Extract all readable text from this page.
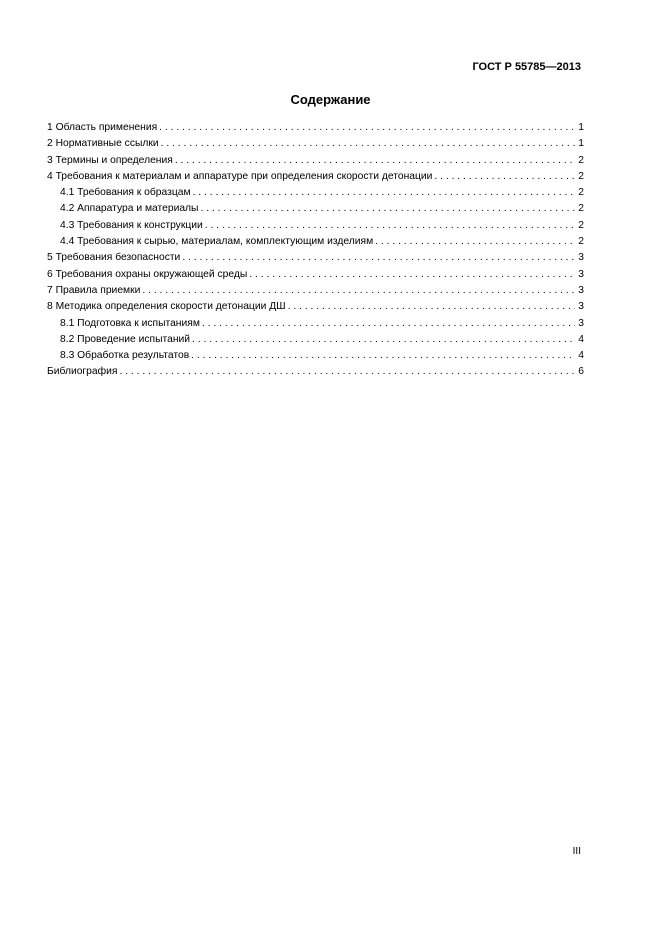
ГОСТ Р 55785—2013
Содержание
1 Область применения . . .	1
2 Нормативные ссылки . . .	1
3 Термины и определения . . .	2
4 Требования к материалам и аппаратуре при определения скорости детонации . . .	2
4.1 Требования к образцам . . .	2
4.2 Аппаратура и материалы . . .	2
4.3 Требования к конструкции . . .	2
4.4 Требования к сырью, материалам, комплектующим изделиям . . .	2
5 Требования безопасности . . .	3
6 Требования охраны окружающей среды . . .	3
7 Правила приемки . . .	3
8 Методика определения скорости детонации ДШ . . .	3
8.1 Подготовка к испытаниям . . .	3
8.2 Проведение испытаний . . .	4
8.3 Обработка результатов . . .	4
Библиография . . .	6
III
